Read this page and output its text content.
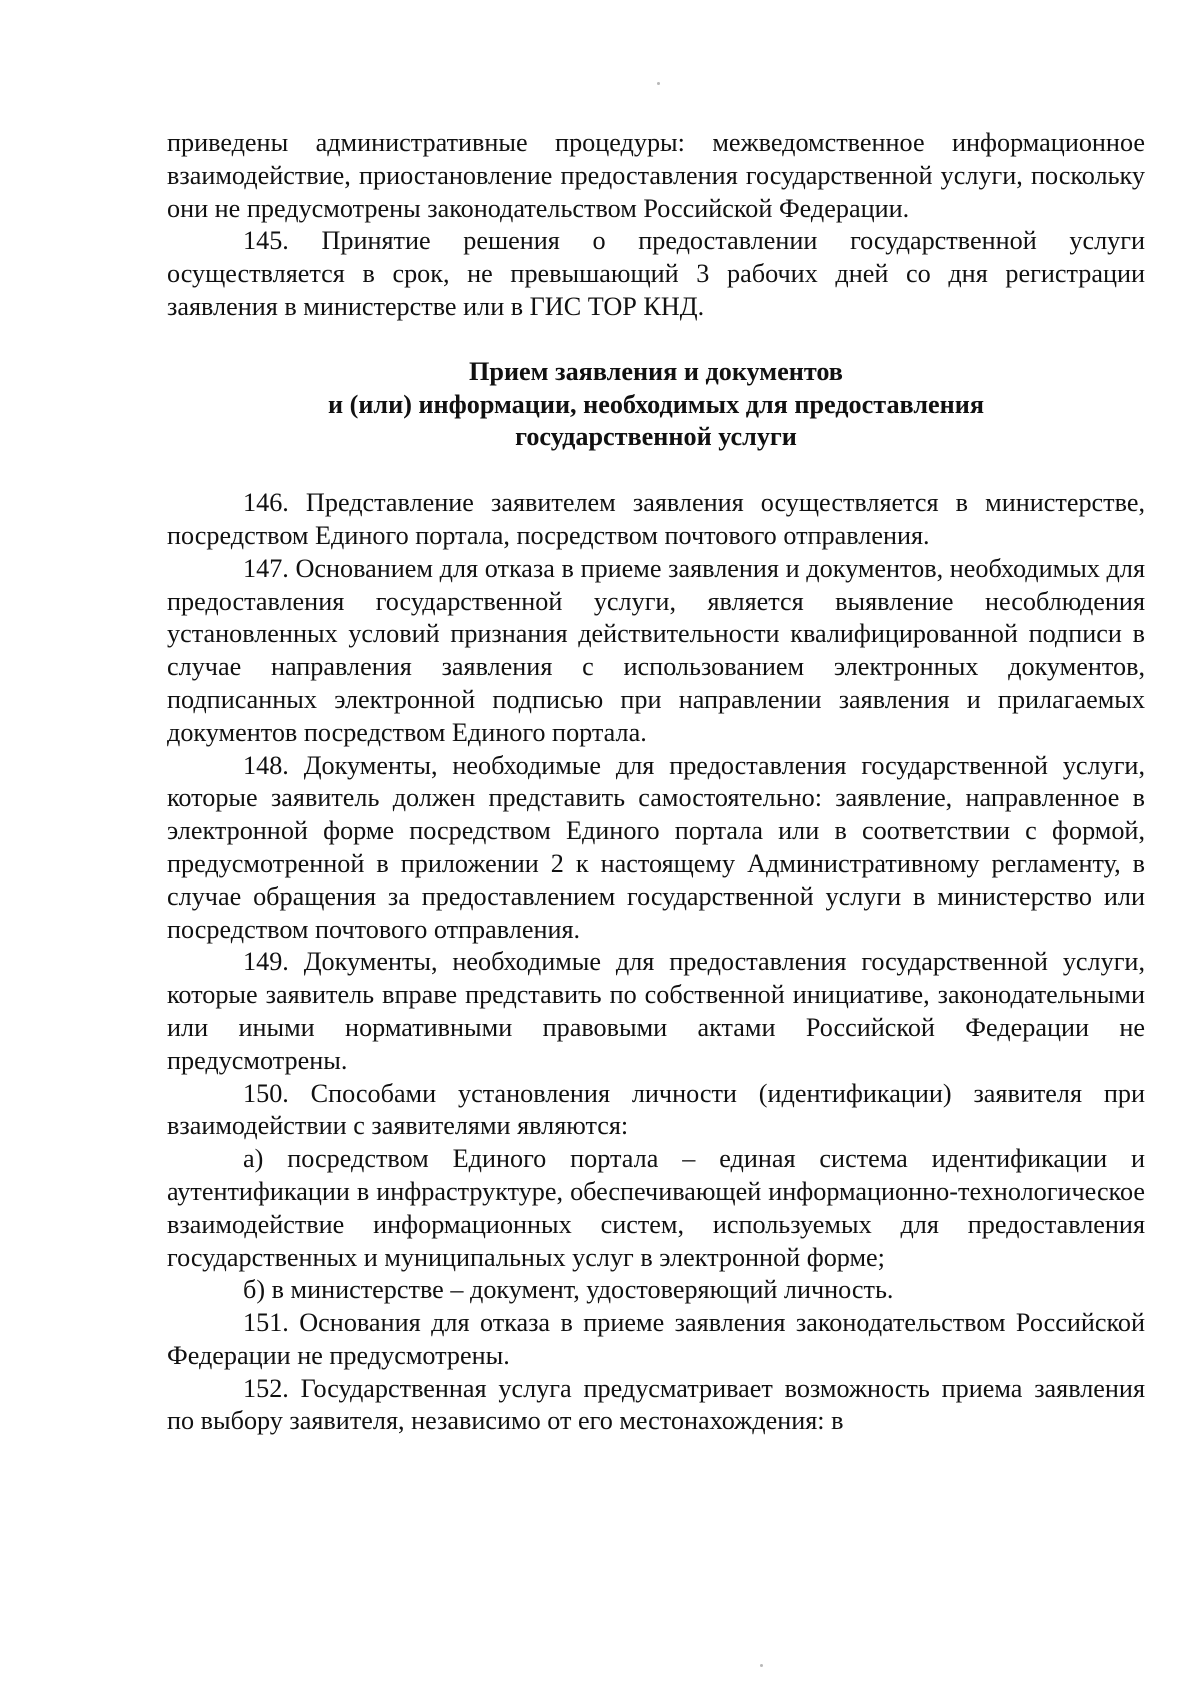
приведены административные процедуры: межведомственное информационное взаимодействие, приостановление предоставления государственной услуги, поскольку они не предусмотрены законодательством Российской Федерации.

145. Принятие решения о предоставлении государственной услуги осуществляется в срок, не превышающий 3 рабочих дней со дня регистрации заявления в министерстве или в ГИС ТОР КНД.

Прием заявления и документов
и (или) информации, необходимых для предоставления
государственной услуги

146. Представление заявителем заявления осуществляется в министерстве, посредством Единого портала, посредством почтового отправления.

147. Основанием для отказа в приеме заявления и документов, необходимых для предоставления государственной услуги, является выявление несоблюдения установленных условий признания действительности квалифицированной подписи в случае направления заявления с использованием электронных документов, подписанных электронной подписью при направлении заявления и прилагаемых документов посредством Единого портала.

148. Документы, необходимые для предоставления государственной услуги, которые заявитель должен представить самостоятельно: заявление, направленное в электронной форме посредством Единого портала или в соответствии с формой, предусмотренной в приложении 2 к настоящему Административному регламенту, в случае обращения за предоставлением государственной услуги в министерство или посредством почтового отправления.

149. Документы, необходимые для предоставления государственной услуги, которые заявитель вправе представить по собственной инициативе, законодательными или иными нормативными правовыми актами Российской Федерации не предусмотрены.

150. Способами установления личности (идентификации) заявителя при взаимодействии с заявителями являются:

а) посредством Единого портала – единая система идентификации и аутентификации в инфраструктуре, обеспечивающей информационно-технологическое взаимодействие информационных систем, используемых для предоставления государственных и муниципальных услуг в электронной форме;

б) в министерстве – документ, удостоверяющий личность.

151. Основания для отказа в приеме заявления законодательством Российской Федерации не предусмотрены.

152. Государственная услуга предусматривает возможность приема заявления по выбору заявителя, независимо от его местонахождения: в
